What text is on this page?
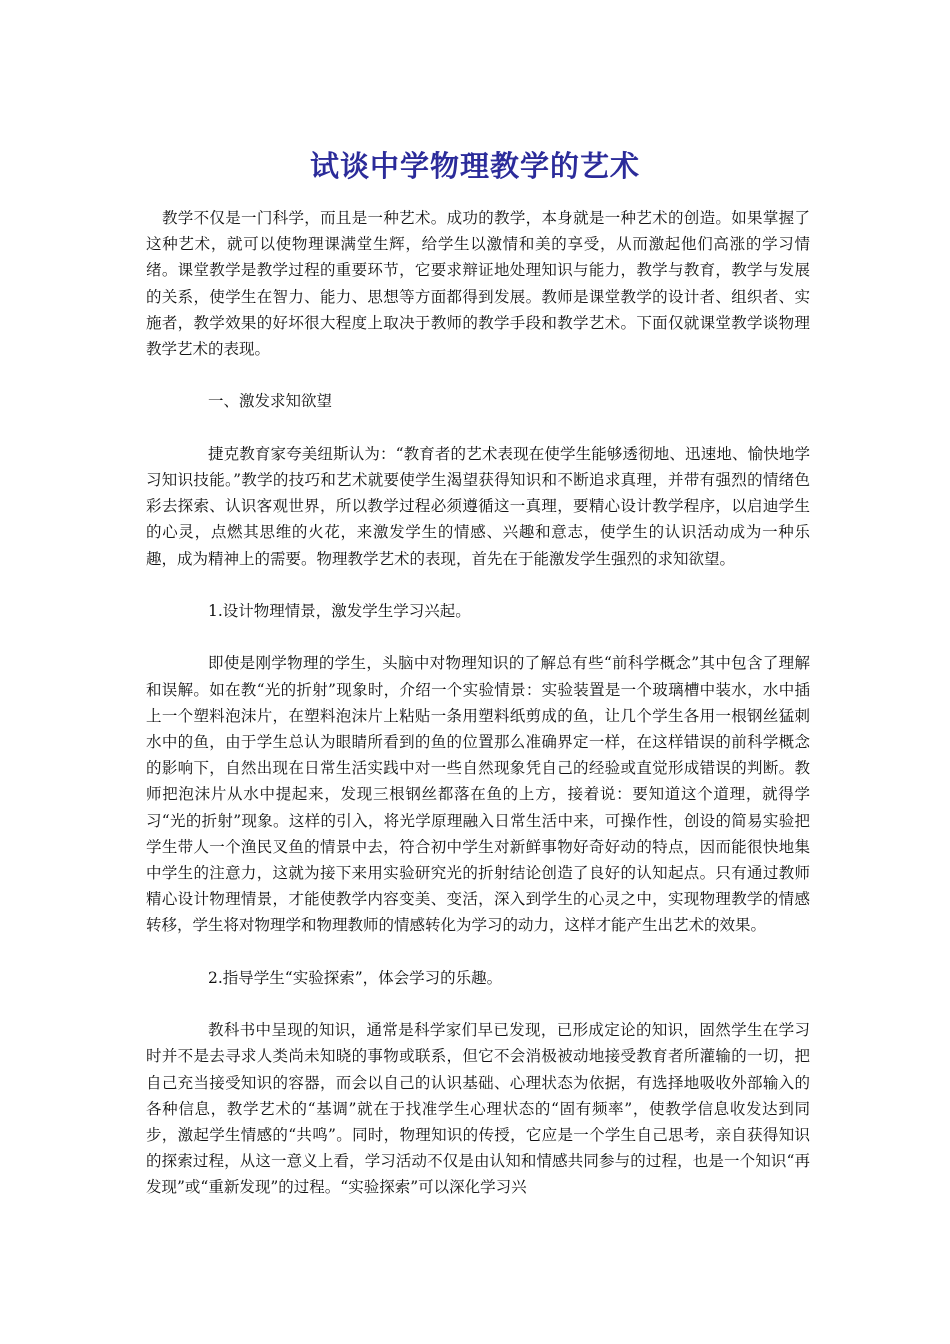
试谈中学物理教学的艺术

教学不仅是一门科学，而且是一种艺术。成功的教学，本身就是一种艺术的创造。如果掌握了这种艺术，就可以使物理课满堂生辉，给学生以激情和美的享受，从而激起他们高涨的学习情绪。课堂教学是教学过程的重要环节，它要求辩证地处理知识与能力，教学与教育，教学与发展的关系，使学生在智力、能力、思想等方面都得到发展。教师是课堂教学的设计者、组织者、实施者，教学效果的好坏很大程度上取决于教师的教学手段和教学艺术。下面仅就课堂教学谈物理教学艺术的表现。

一、激发求知欲望

捷克教育家夸美纽斯认为：“教育者的艺术表现在使学生能够透彻地、迅速地、愉快地学习知识技能。”教学的技巧和艺术就要使学生渴望获得知识和不断追求真理，并带有强烈的情绪色彩去探索、认识客观世界，所以教学过程必须遵循这一真理，要精心设计教学程序，以启迪学生的心灵，点燃其思维的火花，来激发学生的情感、兴趣和意志，使学生的认识活动成为一种乐趣，成为精神上的需要。物理教学艺术的表现，首先在于能激发学生强烈的求知欲望。

1.设计物理情景，激发学生学习兴起。

即使是刚学物理的学生，头脑中对物理知识的了解总有些“前科学概念”其中包含了理解和误解。如在教“光的折射”现象时，介绍一个实验情景：实验装置是一个玻璃槽中装水，水中插上一个塑料泡沫片，在塑料泡沫片上粘贴一条用塑料纸剪成的鱼，让几个学生各用一根钢丝猛刺水中的鱼，由于学生总认为眼睛所看到的鱼的位置那么准确界定一样，在这样错误的前科学概念的影响下，自然出现在日常生活实践中对一些自然现象凭自己的经验或直觉形成错误的判断。教师把泡沫片从水中提起来，发现三根钢丝都落在鱼的上方，接着说：要知道这个道理，就得学习“光的折射”现象。这样的引入，将光学原理融入日常生活中来，可操作性，创设的简易实验把学生带人一个渔民叉鱼的情景中去，符合初中学生对新鲜事物好奇好动的特点，因而能很快地集中学生的注意力，这就为接下来用实验研究光的折射结论创造了良好的认知起点。只有通过教师精心设计物理情景，才能使教学内容变美、变活，深入到学生的心灵之中，实现物理教学的情感转移，学生将对物理学和物理教师的情感转化为学习的动力，这样才能产生出艺术的效果。

2.指导学生“实验探索”，体会学习的乐趣。

教科书中呈现的知识，通常是科学家们早已发现，已形成定论的知识，固然学生在学习时并不是去寻求人类尚未知晓的事物或联系，但它不会消极被动地接受教育者所灌输的一切，把自己充当接受知识的容器，而会以自己的认识基础、心理状态为依据，有选择地吸收外部输入的各种信息，教学艺术的“基调”就在于找准学生心理状态的“固有频率”，使教学信息收发达到同步，激起学生情感的“共鸣”。同时，物理知识的传授，它应是一个学生自己思考，亲自获得知识的探索过程，从这一意义上看，学习活动不仅是由认知和情感共同参与的过程，也是一个知识“再发现”或“重新发现”的过程。“实验探索”可以深化学习兴
